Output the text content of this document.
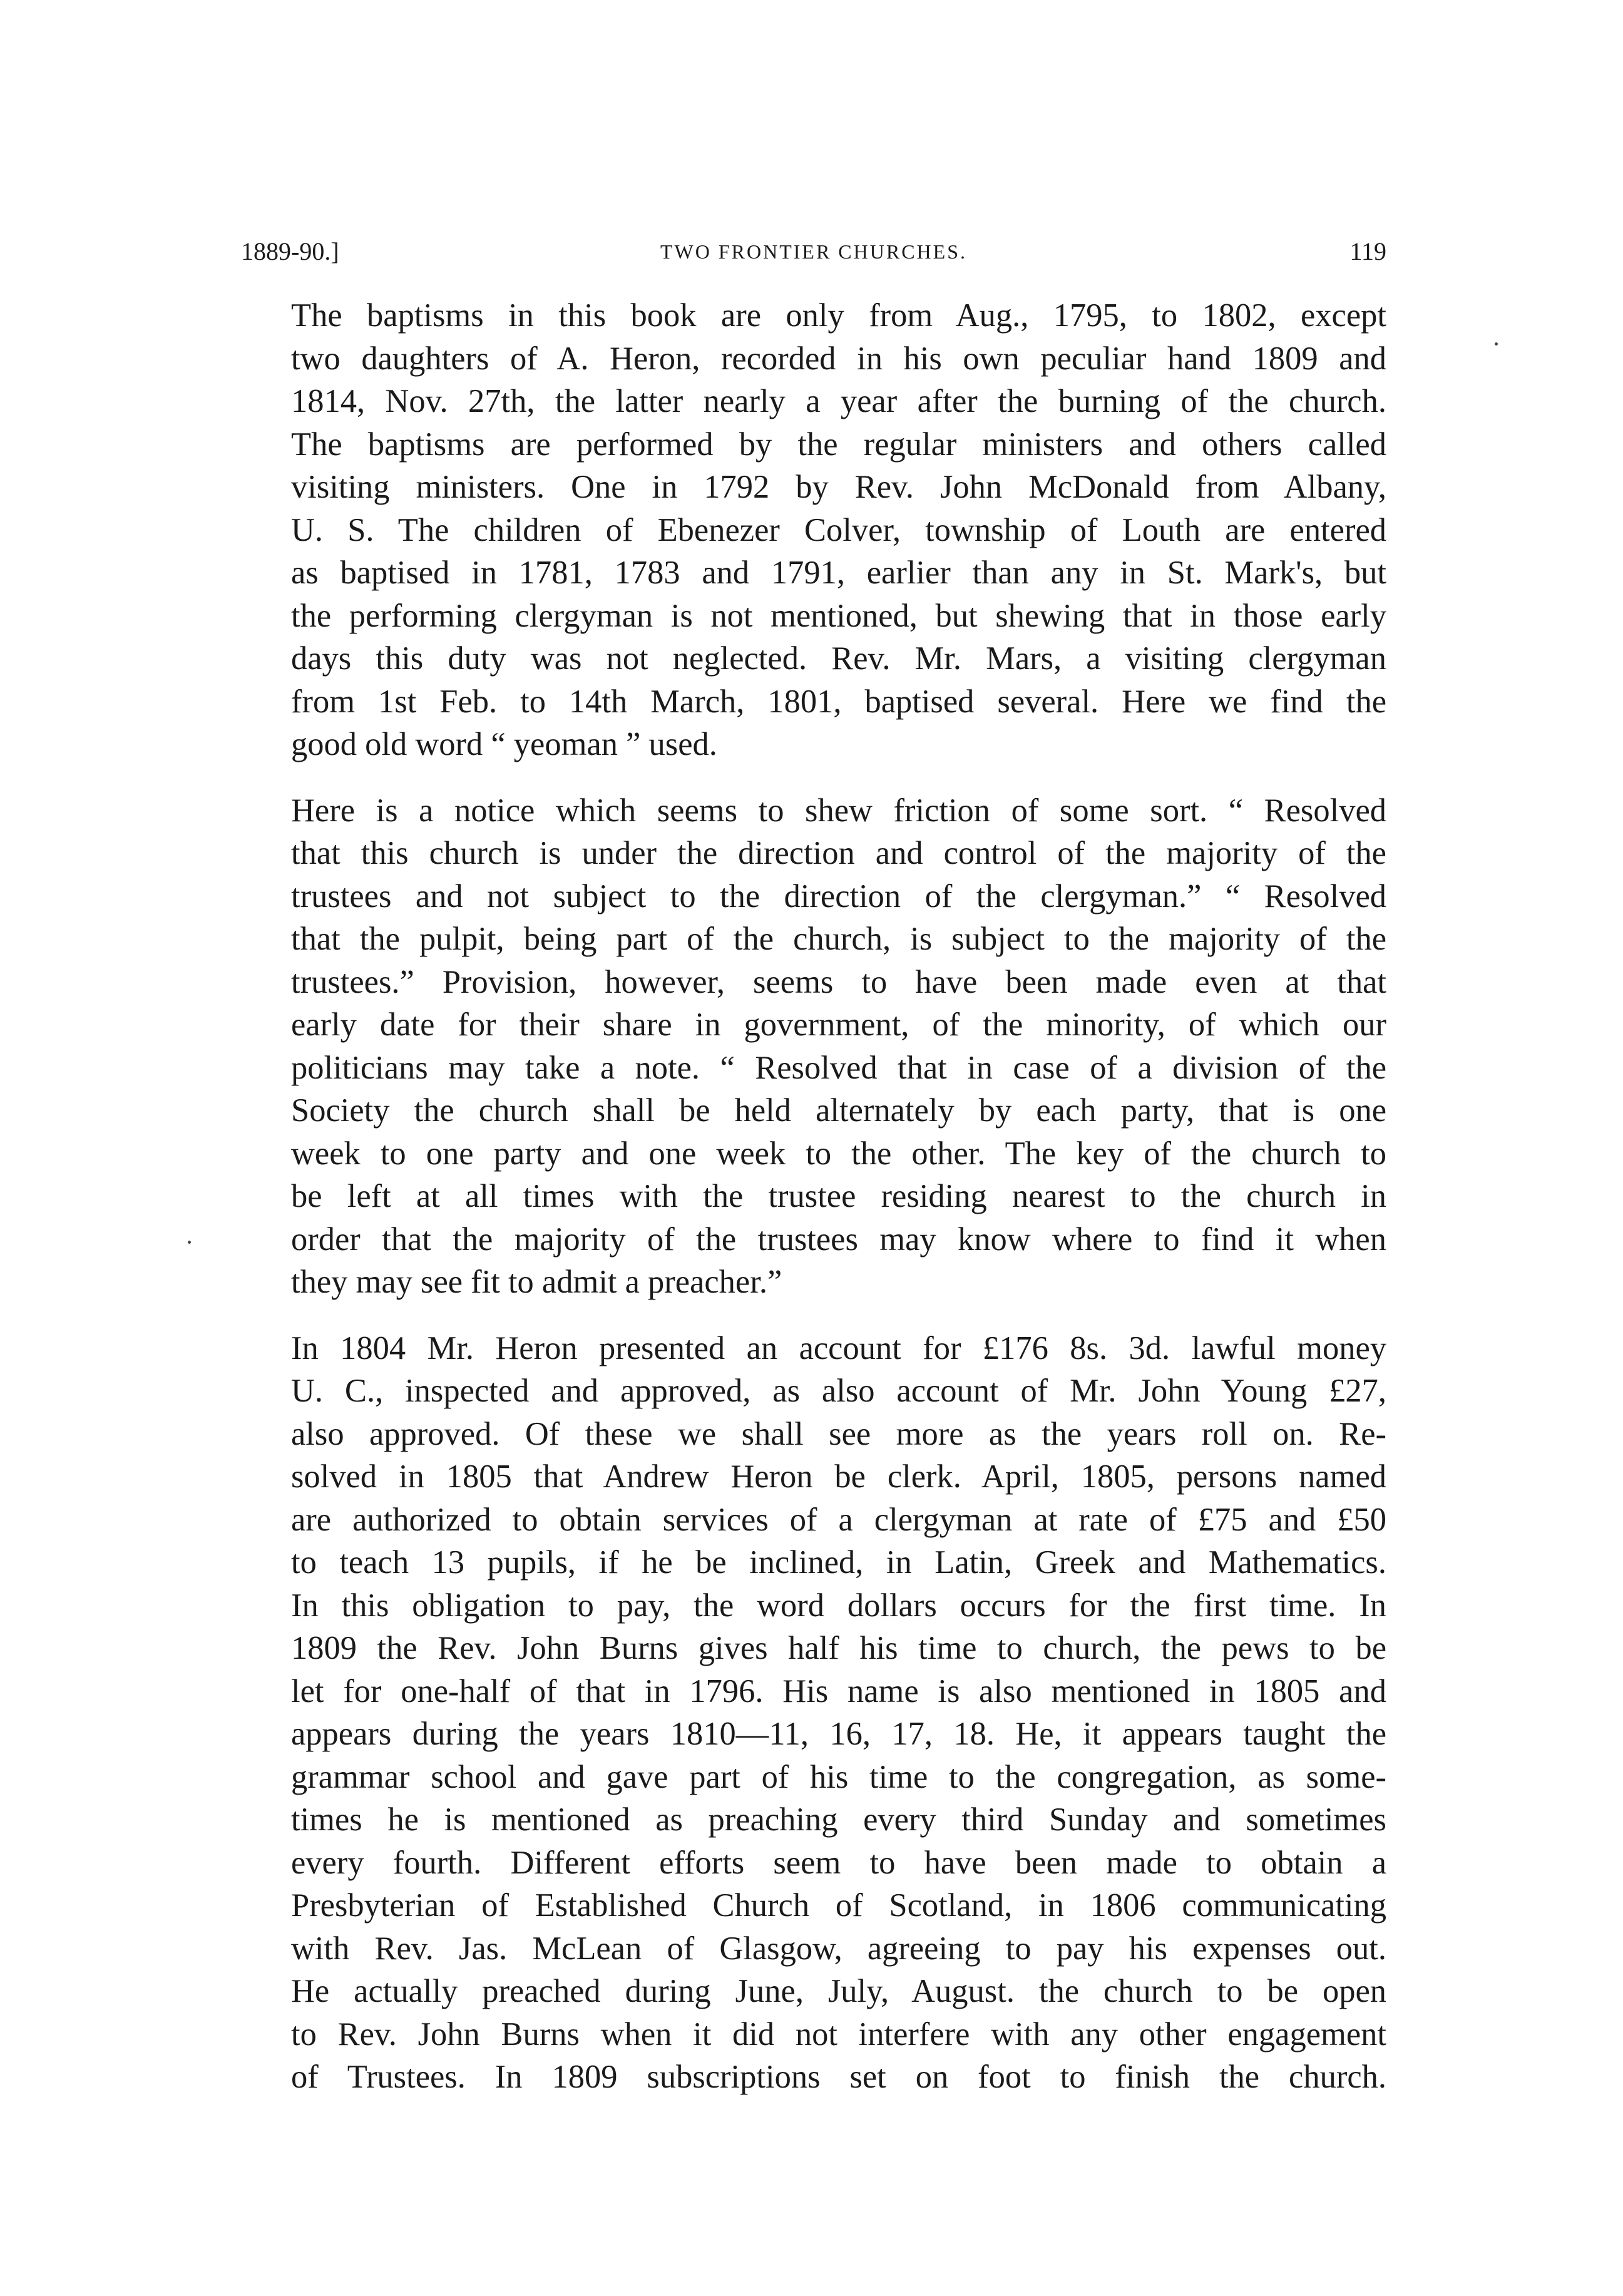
1889-90.]	TWO FRONTIER CHURCHES.	119

The baptisms in this book are only from Aug., 1795, to 1802, except
two daughters of A. Heron, recorded in his own peculiar hand 1809 and
1814, Nov. 27th, the latter nearly a year after the burning of the church.
The baptisms are performed by the regular ministers and others called
visiting ministers. One in 1792 by Rev. John McDonald from Albany,
U. S. The children of Ebenezer Colver, township of Louth are entered
as baptised in 1781, 1783 and 1791, earlier than any in St. Mark's, but
the performing clergyman is not mentioned, but shewing that in those early
days this duty was not neglected. Rev. Mr. Mars, a visiting clergyman
from 1st Feb. to 14th March, 1801, baptised several. Here we find the
good old word “ yeoman ” used.

Here is a notice which seems to shew friction of some sort. “ Resolved
that this church is under the direction and control of the majority of the
trustees and not subject to the direction of the clergyman.” “ Resolved
that the pulpit, being part of the church, is subject to the majority of the
trustees.” Provision, however, seems to have been made even at that
early date for their share in government, of the minority, of which our
politicians may take a note. “ Resolved that in case of a division of the
Society the church shall be held alternately by each party, that is one
week to one party and one week to the other. The key of the church to
be left at all times with the trustee residing nearest to the church in
order that the majority of the trustees may know where to find it when
they may see fit to admit a preacher.”

In 1804 Mr. Heron presented an account for £176 8s. 3d. lawful money
U. C., inspected and approved, as also account of Mr. John Young £27,
also approved. Of these we shall see more as the years roll on. Re-
solved in 1805 that Andrew Heron be clerk. April, 1805, persons named
are authorized to obtain services of a clergyman at rate of £75 and £50
to teach 13 pupils, if he be inclined, in Latin, Greek and Mathematics.
In this obligation to pay, the word dollars occurs for the first time. In
1809 the Rev. John Burns gives half his time to church, the pews to be
let for one-half of that in 1796. His name is also mentioned in 1805 and
appears during the years 1810—11, 16, 17, 18. He, it appears taught the
grammar school and gave part of his time to the congregation, as some-
times he is mentioned as preaching every third Sunday and sometimes
every fourth. Different efforts seem to have been made to obtain a
Presbyterian of Established Church of Scotland, in 1806 communicating
with Rev. Jas. McLean of Glasgow, agreeing to pay his expenses out.
He actually preached during June, July, August. the church to be open
to Rev. John Burns when it did not interfere with any other engagement
of Trustees. In 1809 subscriptions set on foot to finish the church.
